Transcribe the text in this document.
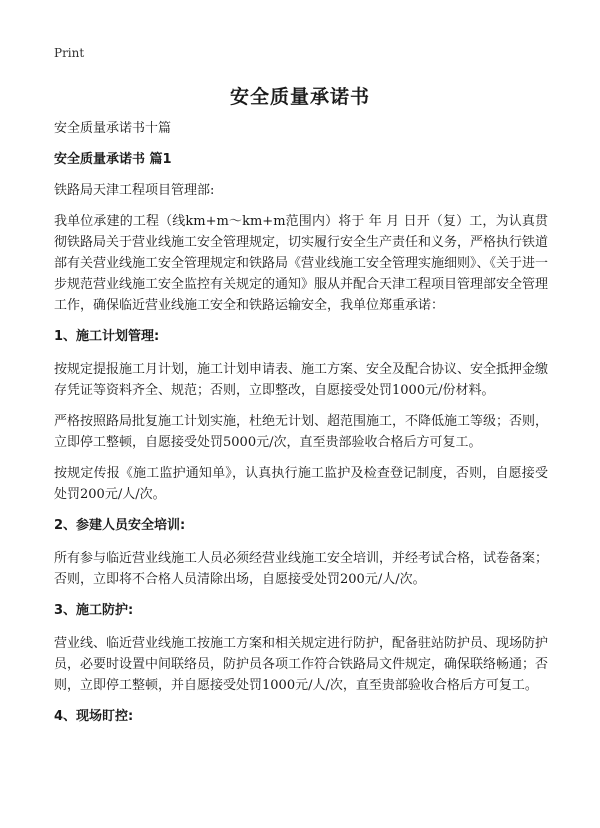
Print
安全质量承诺书

安全质量承诺书十篇

安全质量承诺书 篇1

铁路局天津工程项目管理部:

我单位承建的工程（线km+m～km+m范围内）将于 年 月 日开（复）工，为认真贯彻铁路局关于营业线施工安全管理规定，切实履行安全生产责任和义务，严格执行铁道部有关营业线施工安全管理规定和铁路局《营业线施工安全管理实施细则》、《关于进一步规范营业线施工安全监控有关规定的通知》服从并配合天津工程项目管理部安全管理工作，确保临近营业线施工安全和铁路运输安全，我单位郑重承诺：

1、施工计划管理:

按规定提报施工月计划，施工计划申请表、施工方案、安全及配合协议、安全抵押金缴存凭证等资料齐全、规范；否则，立即整改，自愿接受处罚1000元/份材料。

严格按照路局批复施工计划实施，杜绝无计划、超范围施工，不降低施工等级；否则，立即停工整顿，自愿接受处罚5000元/次，直至贵部验收合格后方可复工。

按规定传报《施工监护通知单》，认真执行施工监护及检查登记制度，否则，自愿接受处罚200元/人/次。

2、参建人员安全培训:

所有参与临近营业线施工人员必须经营业线施工安全培训，并经考试合格，试卷备案；否则，立即将不合格人员清除出场，自愿接受处罚200元/人/次。

3、施工防护:

营业线、临近营业线施工按施工方案和相关规定进行防护，配备驻站防护员、现场防护员，必要时设置中间联络员，防护员各项工作符合铁路局文件规定，确保联络畅通；否则，立即停工整顿，并自愿接受处罚1000元/人/次，直至贵部验收合格后方可复工。

4、现场盯控:
